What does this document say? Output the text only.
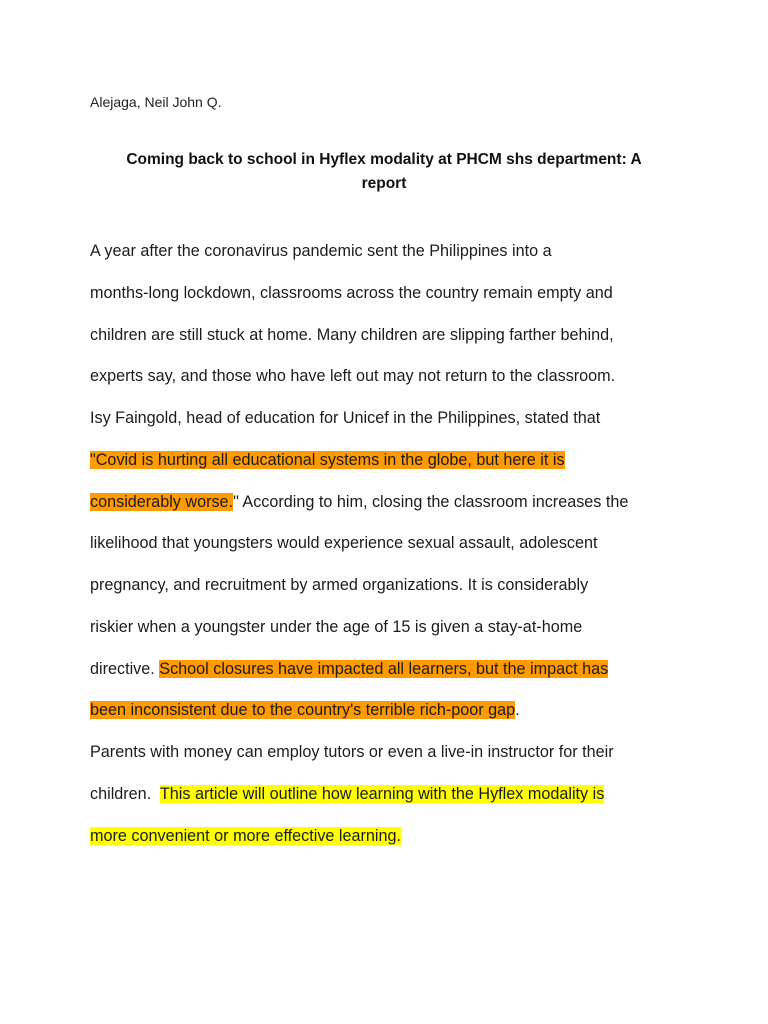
Alejaga, Neil John Q.
Coming back to school in Hyflex modality at PHCM shs department: A
report
A year after the coronavirus pandemic sent the Philippines into a
months-long lockdown, classrooms across the country remain empty and
children are still stuck at home. Many children are slipping farther behind,
experts say, and those who have left out may not return to the classroom.
Isy Faingold, head of education for Unicef in the Philippines, stated that
"Covid is hurting all educational systems in the globe, but here it is
considerably worse." According to him, closing the classroom increases the
likelihood that youngsters would experience sexual assault, adolescent
pregnancy, and recruitment by armed organizations. It is considerably
riskier when a youngster under the age of 15 is given a stay-at-home
directive. School closures have impacted all learners, but the impact has
been inconsistent due to the country's terrible rich-poor gap.
Parents with money can employ tutors or even a live-in instructor for their
children.  This article will outline how learning with the Hyflex modality is
more convenient or more effective learning.
